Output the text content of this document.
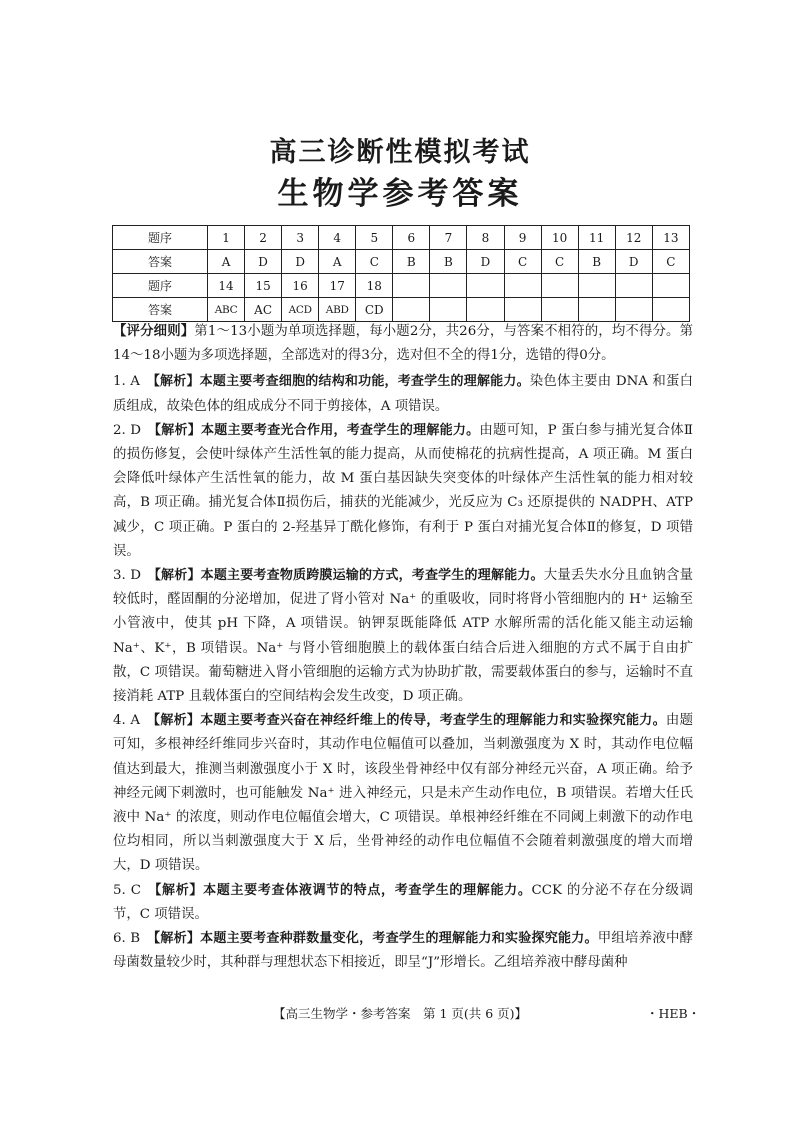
高三诊断性模拟考试
生物学参考答案
题序	1	2	3	4	5	6	7	8	9	10	11	12	13
答案	A	D	D	A	C	B	B	D	C	C	B	D	C
题序	14	15	16	17	18								
答案	ABC	AC	ACD	ABD	CD								

【评分细则】第1～13小题为单项选择题，每小题2分，共26分，与答案不相符的，均不得分。第14～18小题为多项选择题，全部选对的得3分，选对但不全的得1分，选错的得0分。

1. A  【解析】本题主要考查细胞的结构和功能，考查学生的理解能力。染色体主要由 DNA 和蛋白质组成，故染色体的组成成分不同于剪接体，A 项错误。

2. D  【解析】本题主要考查光合作用，考查学生的理解能力。由题可知，P 蛋白参与捕光复合体Ⅱ的损伤修复，会使叶绿体产生活性氧的能力提高，从而使棉花的抗病性提高，A 项正确。M 蛋白会降低叶绿体产生活性氧的能力，故 M 蛋白基因缺失突变体的叶绿体产生活性氧的能力相对较高，B 项正确。捕光复合体Ⅱ损伤后，捕获的光能减少，光反应为 C₃ 还原提供的 NADPH、ATP 减少，C 项正确。P 蛋白的 2-羟基异丁酰化修饰，有利于 P 蛋白对捕光复合体Ⅱ的修复，D 项错误。

3. D  【解析】本题主要考查物质跨膜运输的方式，考查学生的理解能力。大量丢失水分且血钠含量较低时，醛固酮的分泌增加，促进了肾小管对 Na⁺ 的重吸收，同时将肾小管细胞内的 H⁺ 运输至小管液中，使其 pH 下降，A 项错误。钠钾泵既能降低 ATP 水解所需的活化能又能主动运输 Na⁺、K⁺，B 项错误。Na⁺ 与肾小管细胞膜上的载体蛋白结合后进入细胞的方式不属于自由扩散，C 项错误。葡萄糖进入肾小管细胞的运输方式为协助扩散，需要载体蛋白的参与，运输时不直接消耗 ATP 且载体蛋白的空间结构会发生改变，D 项正确。

4. A  【解析】本题主要考查兴奋在神经纤维上的传导，考查学生的理解能力和实验探究能力。由题可知，多根神经纤维同步兴奋时，其动作电位幅值可以叠加，当刺激强度为 X 时，其动作电位幅值达到最大，推测当刺激强度小于 X 时，该段坐骨神经中仅有部分神经元兴奋，A 项正确。给予神经元阈下刺激时，也可能触发 Na⁺ 进入神经元，只是未产生动作电位，B 项错误。若增大任氏液中 Na⁺ 的浓度，则动作电位幅值会增大，C 项错误。单根神经纤维在不同阈上刺激下的动作电位均相同，所以当刺激强度大于 X 后，坐骨神经的动作电位幅值不会随着刺激强度的增大而增大，D 项错误。

5. C  【解析】本题主要考查体液调节的特点，考查学生的理解能力。CCK 的分泌不存在分级调节，C 项错误。

6. B  【解析】本题主要考查种群数量变化，考查学生的理解能力和实验探究能力。甲组培养液中酵母菌数量较少时，其种群与理想状态下相接近，即呈“J”形增长。乙组培养液中酵母菌种

【高三生物学・参考答案　第 1 页(共 6 页)】	・HEB・
